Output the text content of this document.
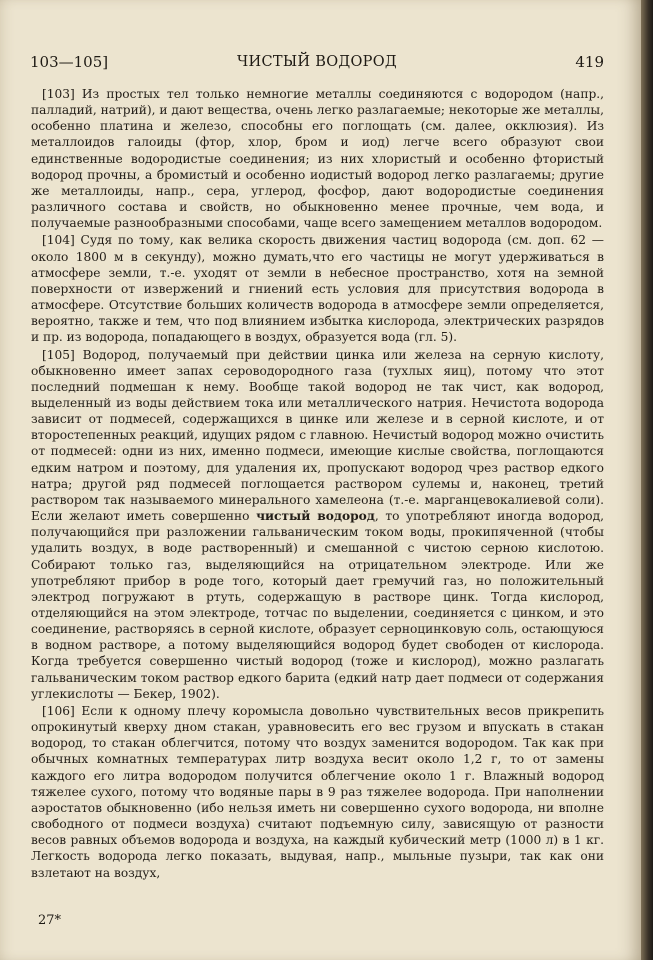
103—105]	ЧИСТЫЙ ВОДОРОД	419

[103] Из простых тел только немногие металлы соединяются с водородом (напр., палладий, натрий), и дают вещества, очень легко разлагаемые; некоторые же металлы, особенно платина и железо, способны его поглощать (см. далее, окклюзия). Из металлоидов галоиды (фтор, хлор, бром и иод) легче всего образуют свои единственные водородистые соединения; из них хлористый и особенно фтористый водород прочны, а бромистый и особенно иодистый водород легко разлагаемы; другие же металлоиды, напр., сера, углерод, фосфор, дают водородистые соединения различного состава и свойств, но обыкновенно менее прочные, чем вода, и получаемые разнообразными способами, чаще всего замещением металлов водородом.

[104] Судя по тому, как велика скорость движения частиц водорода (см. доп. 62 — около 1800 м в секунду), можно думать,что его частицы не могут удерживаться в атмосфере земли, т.-е. уходят от земли в небесное пространство, хотя на земной поверхности от извержений и гниений есть условия для присутствия водорода в атмосфере. Отсутствие больших количеств водорода в атмосфере земли определяется, вероятно, также и тем, что под влиянием избытка кислорода, электрических разрядов и пр. из водорода, попадающего в воздух, образуется вода (гл. 5).

[105] Водород, получаемый при действии цинка или железа на серную кислоту, обыкновенно имеет запах сероводородного газа (тухлых яиц), потому что этот последний подмешан к нему. Вообще такой водород не так чист, как водород, выделенный из воды действием тока или металлического натрия. Нечистота водорода зависит от подмесей, содержащихся в цинке или железе и в серной кислоте, и от второстепенных реакций, идущих рядом с главною. Нечистый водород можно очистить от подмесей: одни из них, именно подмеси, имеющие кислые свойства, поглощаются едким натром и поэтому, для удаления их, пропускают водород чрез раствор едкого натра; другой ряд подмесей поглощается раствором сулемы и, наконец, третий раствором так называемого минерального хамелеона (т.-е. марганцевокалиевой соли). Если желают иметь совершенно чистый водород, то употребляют иногда водород, получающийся при разложении гальваническим током воды, прокипяченной (чтобы удалить воздух, в воде растворенный) и смешанной с чистою серною кислотою. Собирают только газ, выделяющийся на отрицательном электроде. Или же употребляют прибор в роде того, который дает гремучий газ, но положительный электрод погружают в ртуть, содержащую в растворе цинк. Тогда кислород, отделяющийся на этом электроде, тотчас по выделении, соединяется с цинком, и это соединение, растворяясь в серной кислоте, образует сернοцинковую соль, остающуюся в водном растворе, а потому выделяющийся водород будет свободен от кислорода. Когда требуется совершенно чистый водород (тоже и кислород), можно разлагать гальваническим током раствор едкого барита (едкий натр дает подмеси от содержания углекислоты — Бекер, 1902).

[106] Если к одному плечу коромысла довольно чувствительных весов прикрепить опрокинутый кверху дном стакан, уравновесить его вес грузом и впускать в стакан водород, то стакан облегчится, потому что воздух заменится водородом. Так как при обычных комнатных температурах литр воздуха весит около 1,2 г, то от замены каждого его литра водородом получится облегчение около 1 г. Влажный водород тяжелее сухого, потому что водяные пары в 9 раз тяжелее водорода. При наполнении аэростатов обыкновенно (ибо нельзя иметь ни совершенно сухого водорода, ни вполне свободного от подмеси воздуха) считают подъемную силу, зависящую от разности весов равных объемов водорода и воздуха, на каждый кубический метр (1000 л) в 1 кг. Легкость водорода легко показать, выдувая, напр., мыльные пузыри, так как они взлетают на воздух,

27*
